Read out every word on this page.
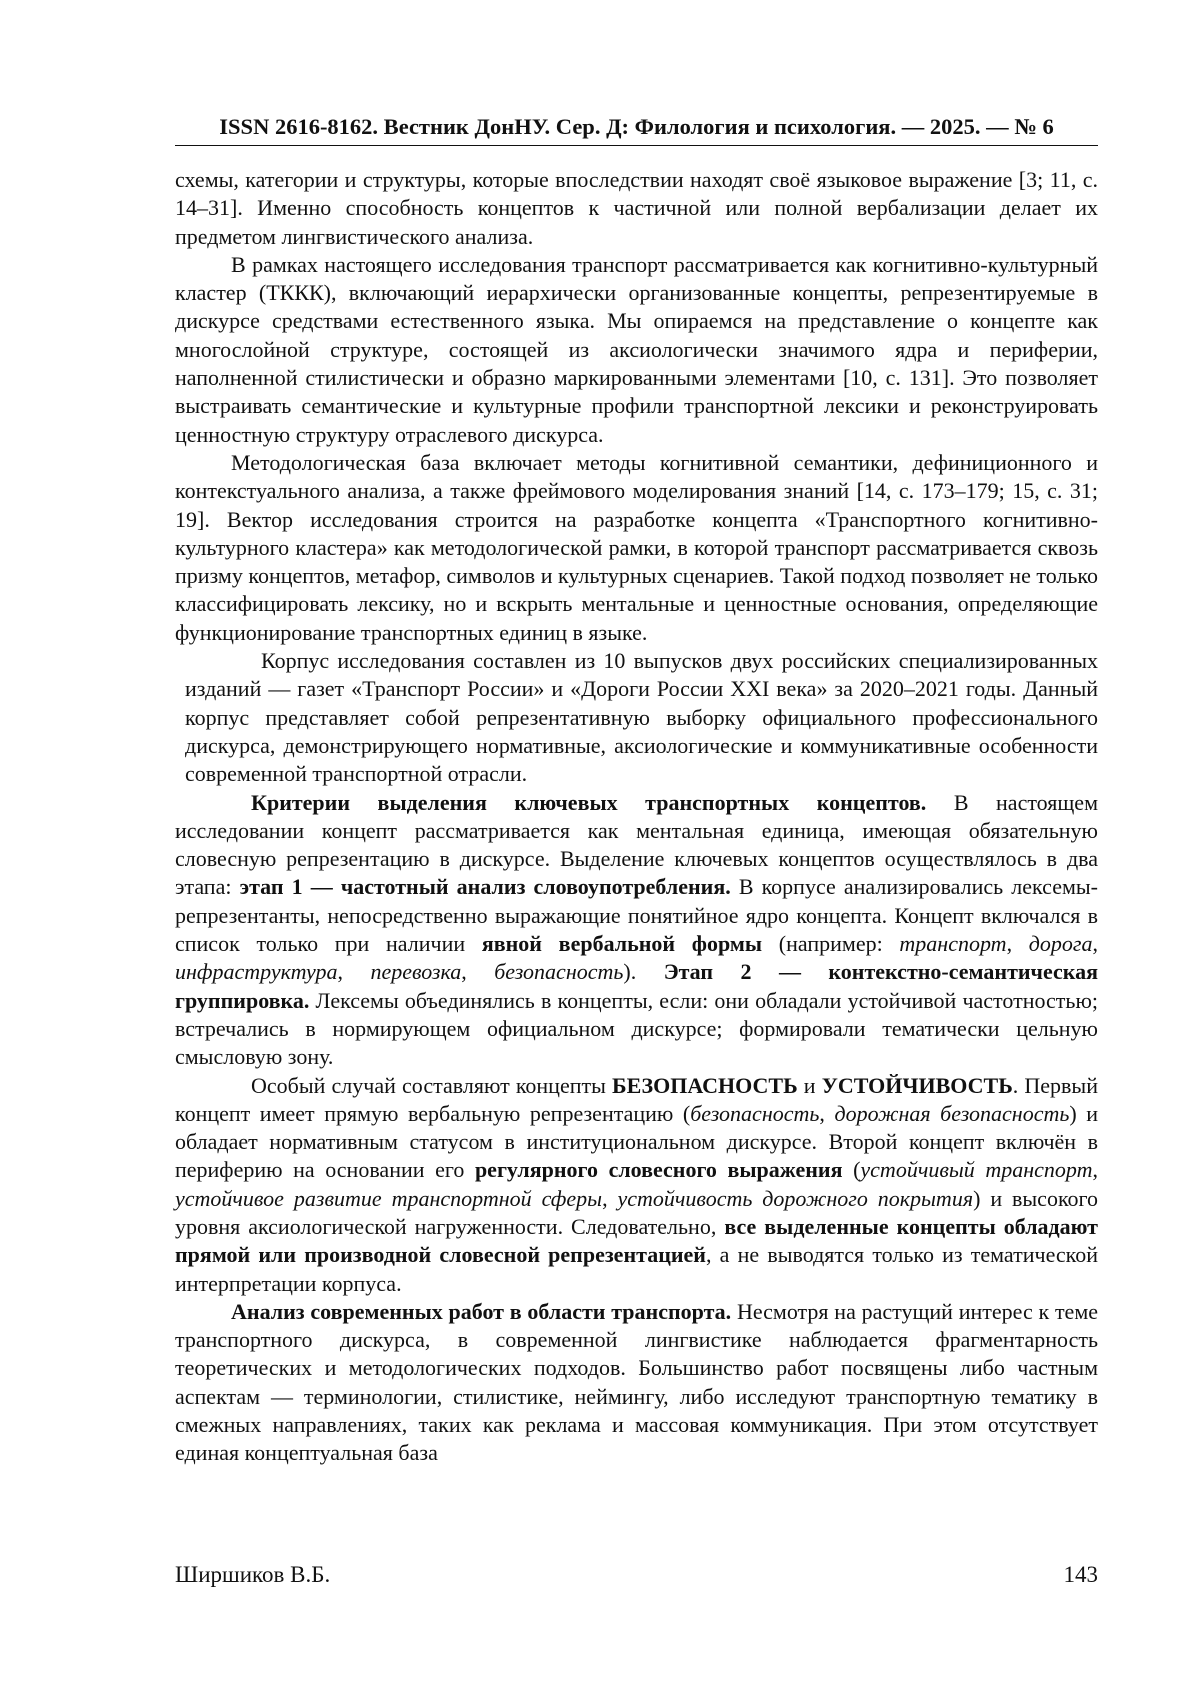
ISSN 2616-8162. Вестник ДонНУ. Сер. Д: Филология и психология. — 2025. — № 6

схемы, категории и структуры, которые впоследствии находят своё языковое выражение [3; 11, с. 14–31]. Именно способность концептов к частичной или полной вербализации делает их предметом лингвистического анализа.

В рамках настоящего исследования транспорт рассматривается как когнитивно-культурный кластер (ТККК), включающий иерархически организованные концепты, репрезентируемые в дискурсе средствами естественного языка. Мы опираемся на представление о концепте как многослойной структуре, состоящей из аксиологически значимого ядра и периферии, наполненной стилистически и образно маркированными элементами [10, с. 131]. Это позволяет выстраивать семантические и культурные профили транспортной лексики и реконструировать ценностную структуру отраслевого дискурса.

Методологическая база включает методы когнитивной семантики, дефиниционного и контекстуального анализа, а также фреймового моделирования знаний [14, с. 173–179; 15, с. 31; 19]. Вектор исследования строится на разработке концепта «Транспортного когнитивно-культурного кластера» как методологической рамки, в которой транспорт рассматривается сквозь призму концептов, метафор, символов и культурных сценариев. Такой подход позволяет не только классифицировать лексику, но и вскрыть ментальные и ценностные основания, определяющие функционирование транспортных единиц в языке.

Корпус исследования составлен из 10 выпусков двух российских специализированных изданий — газет «Транспорт России» и «Дороги России XXI века» за 2020–2021 годы. Данный корпус представляет собой репрезентативную выборку официального профессионального дискурса, демонстрирующего нормативные, аксиологические и коммуникативные особенности современной транспортной отрасли.

Критерии выделения ключевых транспортных концептов. В настоящем исследовании концепт рассматривается как ментальная единица, имеющая обязательную словесную репрезентацию в дискурсе. Выделение ключевых концептов осуществлялось в два этапа: этап 1 — частотный анализ словоупотребления. В корпусе анализировались лексемы-репрезентанты, непосредственно выражающие понятийное ядро концепта. Концепт включался в список только при наличии явной вербальной формы (например: транспорт, дорога, инфраструктура, перевозка, безопасность). Этап 2 — контекстно-семантическая группировка. Лексемы объединялись в концепты, если: они обладали устойчивой частотностью; встречались в нормирующем официальном дискурсе; формировали тематически цельную смысловую зону.

Особый случай составляют концепты БЕЗОПАСНОСТЬ и УСТОЙЧИВОСТЬ. Первый концепт имеет прямую вербальную репрезентацию (безопасность, дорожная безопасность) и обладает нормативным статусом в институциональном дискурсе. Второй концепт включён в периферию на основании его регулярного словесного выражения (устойчивый транспорт, устойчивое развитие транспортной сферы, устойчивость дорожного покрытия) и высокого уровня аксиологической нагруженности. Следовательно, все выделенные концепты обладают прямой или производной словесной репрезентацией, а не выводятся только из тематической интерпретации корпуса.

Анализ современных работ в области транспорта. Несмотря на растущий интерес к теме транспортного дискурса, в современной лингвистике наблюдается фрагментарность теоретических и методологических подходов. Большинство работ посвящены либо частным аспектам — терминологии, стилистике, неймингу, либо исследуют транспортную тематику в смежных направлениях, таких как реклама и массовая коммуникация. При этом отсутствует единая концептуальная база

Ширшиков В.Б.	143
